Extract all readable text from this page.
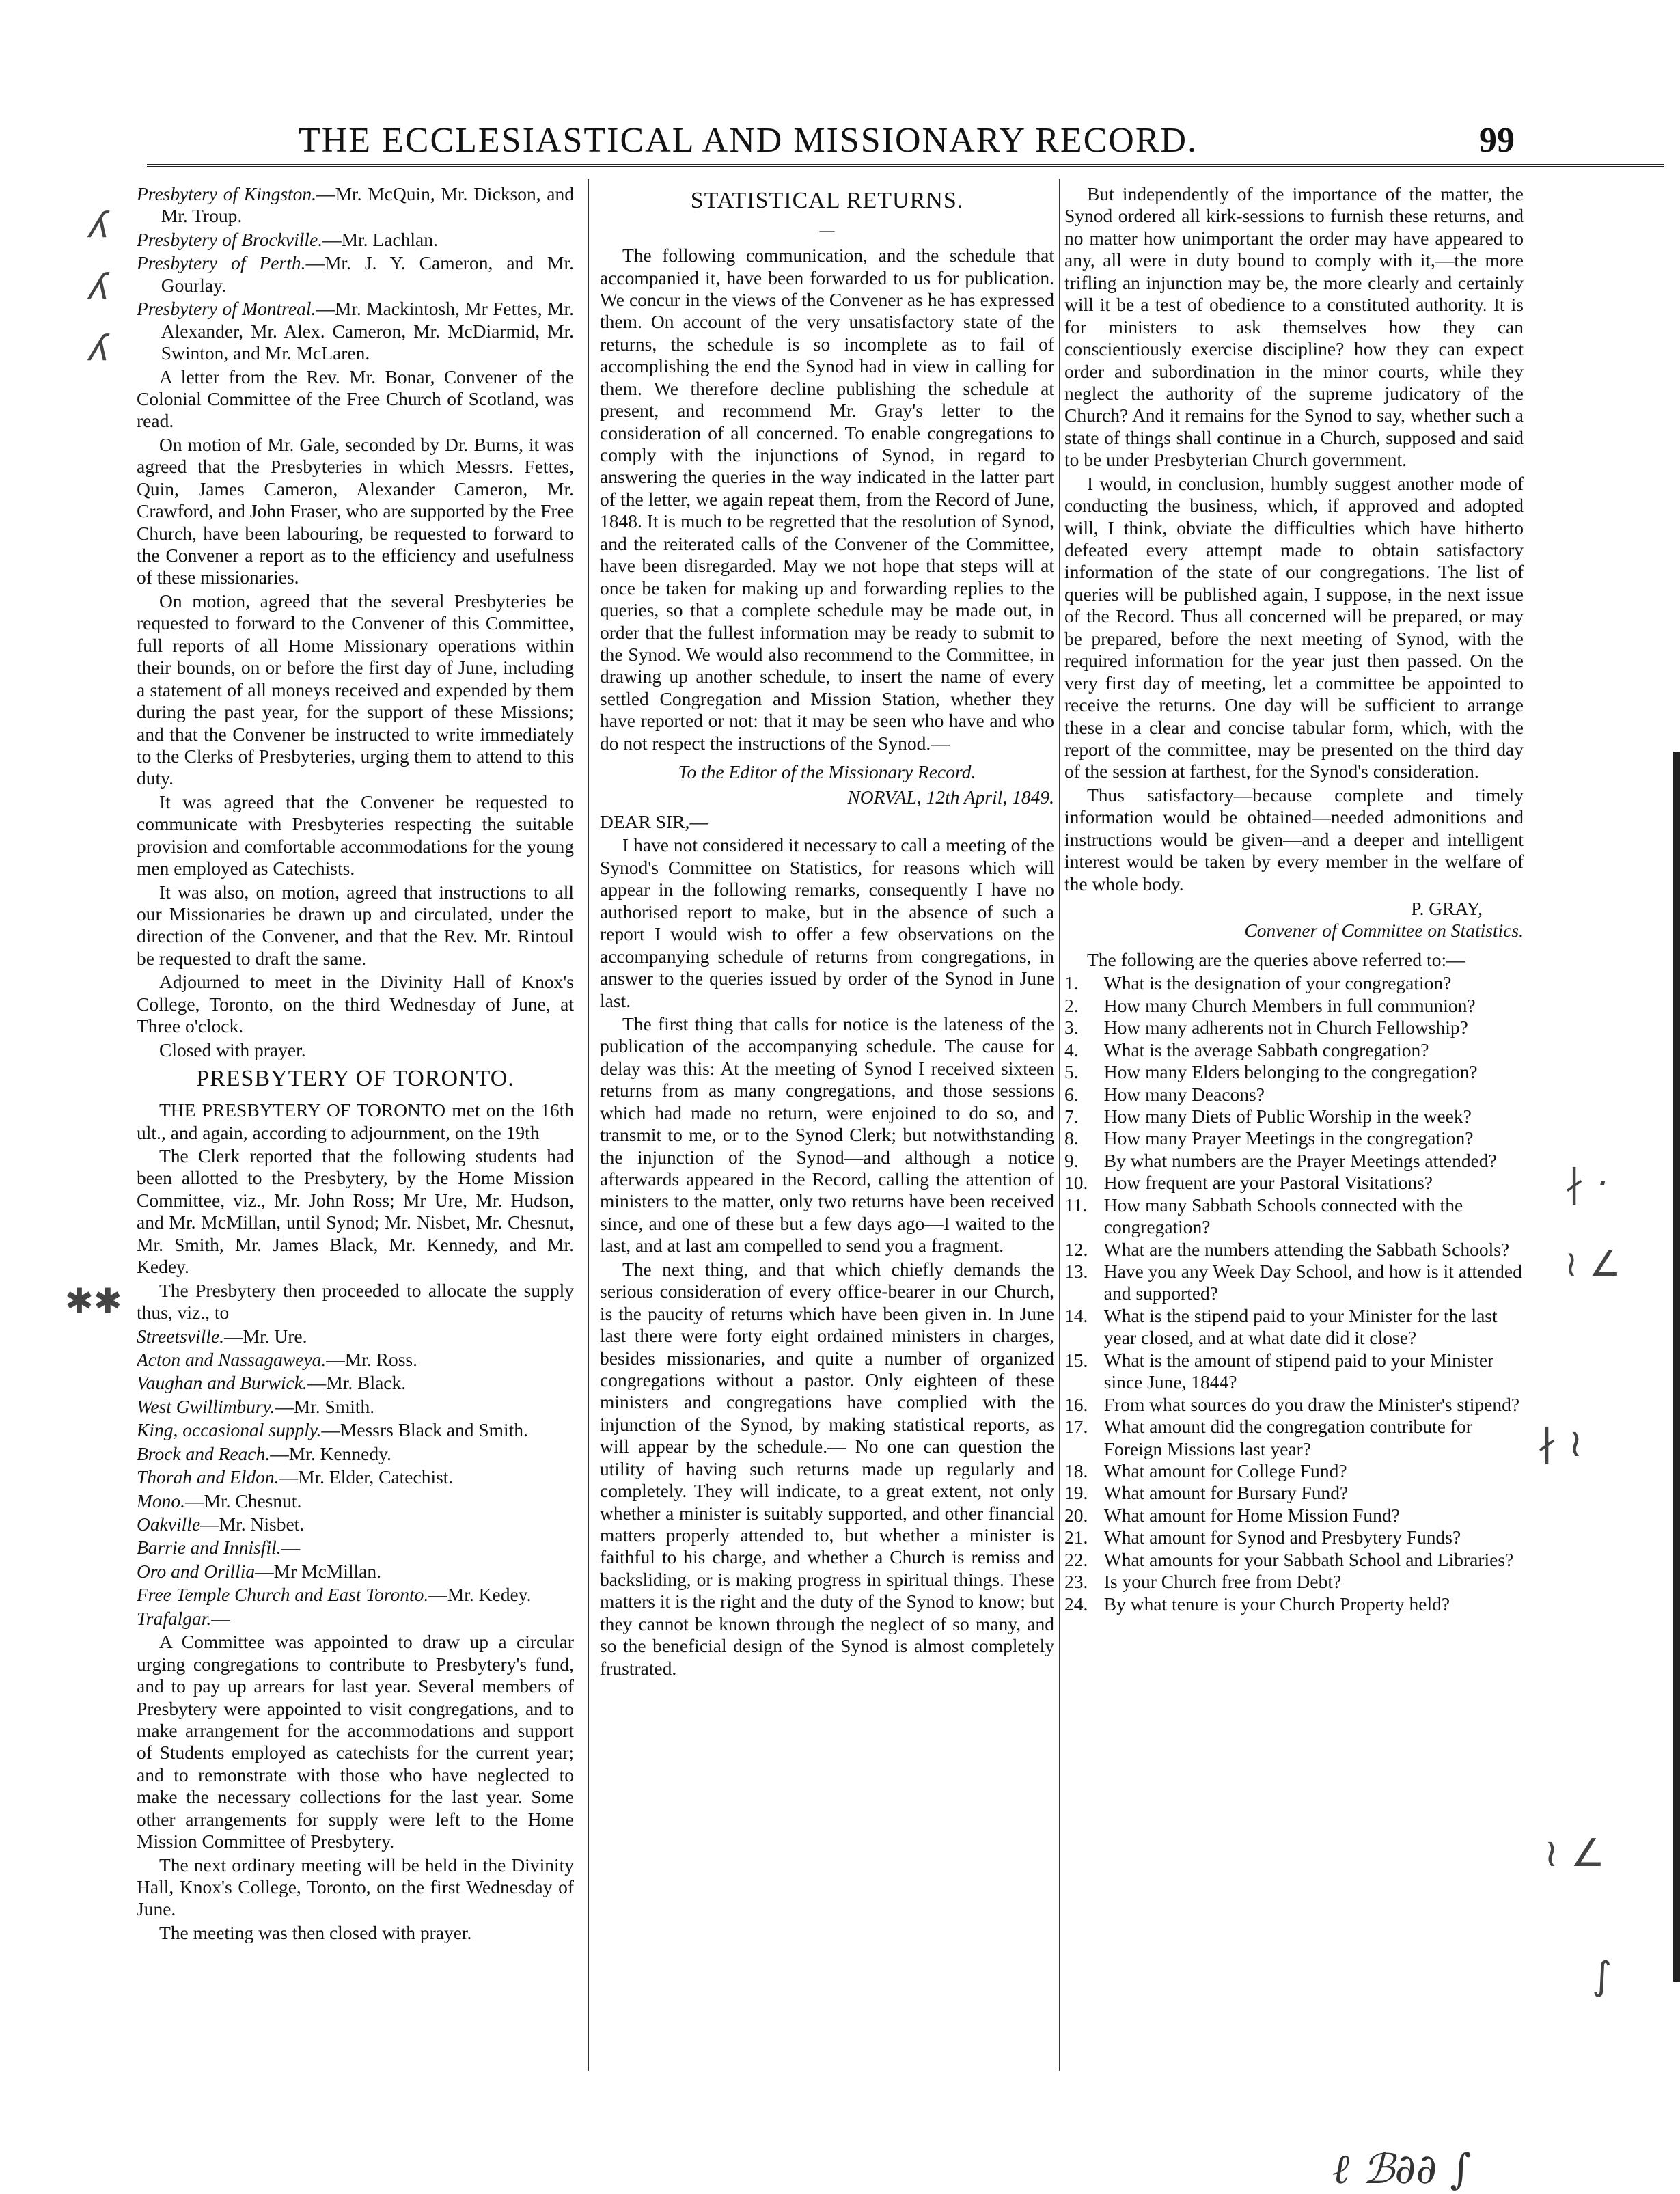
THE ECCLESIASTICAL AND MISSIONARY RECORD.	99

Presbytery of Kingston.—Mr. McQuin, Mr. Dickson, and Mr. Troup.

Presbytery of Brockville.—Mr. Lachlan.

Presbytery of Perth.—Mr. J. Y. Cameron, and Mr. Gourlay.

Presbytery of Montreal.—Mr. Mackintosh, Mr Fettes, Mr. Alexander, Mr. Alex. Cameron, Mr. McDiarmid, Mr. Swinton, and Mr. McLaren.

A letter from the Rev. Mr. Bonar, Convener of the Colonial Committee of the Free Church of Scotland, was read.

On motion of Mr. Gale, seconded by Dr. Burns, it was agreed that the Presbyteries in which Messrs. Fettes, Quin, James Cameron, Alexander Cameron, Mr. Crawford, and John Fraser, who are supported by the Free Church, have been labouring, be requested to forward to the Convener a report as to the efficiency and usefulness of these missionaries.

On motion, agreed that the several Presbyteries be requested to forward to the Convener of this Committee, full reports of all Home Missionary operations within their bounds, on or before the first day of June, including a statement of all moneys received and expended by them during the past year, for the support of these Missions; and that the Convener be instructed to write immediately to the Clerks of Presbyteries, urging them to attend to this duty.

It was agreed that the Convener be requested to communicate with Presbyteries respecting the suitable provision and comfortable accommodations for the young men employed as Catechists.

It was also, on motion, agreed that instructions to all our Missionaries be drawn up and circulated, under the direction of the Convener, and that the Rev. Mr. Rintoul be requested to draft the same.

Adjourned to meet in the Divinity Hall of Knox's College, Toronto, on the third Wednesday of June, at Three o'clock.

Closed with prayer.

PRESBYTERY OF TORONTO.

THE PRESBYTERY OF TORONTO met on the 16th ult., and again, according to adjournment, on the 19th

The Clerk reported that the following students had been allotted to the Presbytery, by the Home Mission Committee, viz., Mr. John Ross; Mr Ure, Mr. Hudson, and Mr. McMillan, until Synod; Mr. Nisbet, Mr. Chesnut, Mr. Smith, Mr. James Black, Mr. Kennedy, and Mr. Kedey.

The Presbytery then proceeded to allocate the supply thus, viz., to

Streetsville.—Mr. Ure.

Acton and Nassagaweya.—Mr. Ross.

Vaughan and Burwick.—Mr. Black.

West Gwillimbury.—Mr. Smith.

King, occasional supply.—Messrs Black and Smith.

Brock and Reach.—Mr. Kennedy.

Thorah and Eldon.—Mr. Elder, Catechist.

Mono.—Mr. Chesnut.

Oakville—Mr. Nisbet.

Barrie and Innisfil.—

Oro and Orillia—Mr McMillan.

Free Temple Church and East Toronto.—Mr. Kedey.

Trafalgar.—

A Committee was appointed to draw up a circular urging congregations to contribute to Presbytery's fund, and to pay up arrears for last year. Several members of Presbytery were appointed to visit congregations, and to make arrangement for the accommodations and support of Students employed as catechists for the current year; and to remonstrate with those who have neglected to make the necessary collections for the last year. Some other arrangements for supply were left to the Home Mission Committee of Presbytery.

The next ordinary meeting will be held in the Divinity Hall, Knox's College, Toronto, on the first Wednesday of June.

The meeting was then closed with prayer.

STATISTICAL RETURNS.
—

The following communication, and the schedule that accompanied it, have been forwarded to us for publication. We concur in the views of the Convener as he has expressed them. On account of the very unsatisfactory state of the returns, the schedule is so incomplete as to fail of accomplishing the end the Synod had in view in calling for them. We therefore decline publishing the schedule at present, and recommend Mr. Gray's letter to the consideration of all concerned. To enable congregations to comply with the injunctions of Synod, in regard to answering the queries in the way indicated in the latter part of the letter, we again repeat them, from the Record of June, 1848. It is much to be regretted that the resolution of Synod, and the reiterated calls of the Convener of the Committee, have been disregarded. May we not hope that steps will at once be taken for making up and forwarding replies to the queries, so that a complete schedule may be made out, in order that the fullest information may be ready to submit to the Synod. We would also recommend to the Committee, in drawing up another schedule, to insert the name of every settled Congregation and Mission Station, whether they have reported or not: that it may be seen who have and who do not respect the instructions of the Synod.—

To the Editor of the Missionary Record.
NORVAL, 12th April, 1849.

DEAR SIR,—

I have not considered it necessary to call a meeting of the Synod's Committee on Statistics, for reasons which will appear in the following remarks, consequently I have no authorised report to make, but in the absence of such a report I would wish to offer a few observations on the accompanying schedule of returns from congregations, in answer to the queries issued by order of the Synod in June last.

The first thing that calls for notice is the lateness of the publication of the accompanying schedule. The cause for delay was this: At the meeting of Synod I received sixteen returns from as many congregations, and those sessions which had made no return, were enjoined to do so, and transmit to me, or to the Synod Clerk; but notwithstanding the injunction of the Synod—and although a notice afterwards appeared in the Record, calling the attention of ministers to the matter, only two returns have been received since, and one of these but a few days ago—I waited to the last, and at last am compelled to send you a fragment.

The next thing, and that which chiefly demands the serious consideration of every office-bearer in our Church, is the paucity of returns which have been given in. In June last there were forty eight ordained ministers in charges, besides missionaries, and quite a number of organized congregations without a pastor. Only eighteen of these ministers and congregations have complied with the injunction of the Synod, by making statistical reports, as will appear by the schedule.— No one can question the utility of having such returns made up regularly and completely. They will indicate, to a great extent, not only whether a minister is suitably supported, and other financial matters properly attended to, but whether a minister is faithful to his charge, and whether a Church is remiss and backsliding, or is making progress in spiritual things. These matters it is the right and the duty of the Synod to know; but they cannot be known through the neglect of so many, and so the beneficial design of the Synod is almost completely frustrated.

But independently of the importance of the matter, the Synod ordered all kirk-sessions to furnish these returns, and no matter how unimportant the order may have appeared to any, all were in duty bound to comply with it,—the more trifling an injunction may be, the more clearly and certainly will it be a test of obedience to a constituted authority. It is for ministers to ask themselves how they can conscientiously exercise discipline? how they can expect order and subordination in the minor courts, while they neglect the authority of the supreme judicatory of the Church? And it remains for the Synod to say, whether such a state of things shall continue in a Church, supposed and said to be under Presbyterian Church government.

I would, in conclusion, humbly suggest another mode of conducting the business, which, if approved and adopted will, I think, obviate the difficulties which have hitherto defeated every attempt made to obtain satisfactory information of the state of our congregations. The list of queries will be published again, I suppose, in the next issue of the Record. Thus all concerned will be prepared, or may be prepared, before the next meeting of Synod, with the required information for the year just then passed. On the very first day of meeting, let a committee be appointed to receive the returns. One day will be sufficient to arrange these in a clear and concise tabular form, which, with the report of the committee, may be presented on the third day of the session at farthest, for the Synod's consideration.

Thus satisfactory—because complete and timely information would be obtained—needed admonitions and instructions would be given—and a deeper and intelligent interest would be taken by every member in the welfare of the whole body.

P. GRAY,
Convener of Committee on Statistics.

The following are the queries above referred to:—

1. What is the designation of your congregation?

2. How many Church Members in full communion?

3. How many adherents not in Church Fellowship?

4. What is the average Sabbath congregation?

5. How many Elders belonging to the congregation?

6. How many Deacons?

7. How many Diets of Public Worship in the week?

8. How many Prayer Meetings in the congregation?

9. By what numbers are the Prayer Meetings attended?

10. How frequent are your Pastoral Visitations?

11. How many Sabbath Schools connected with the congregation?

12. What are the numbers attending the Sabbath Schools?

13. Have you any Week Day School, and how is it attended and supported?

14. What is the stipend paid to your Minister for the last year closed, and at what date did it close?

15. What is the amount of stipend paid to your Minister since June, 1844?

16. From what sources do you draw the Minister's stipend?

17. What amount did the congregation contribute for Foreign Missions last year?

18. What amount for College Fund?

19. What amount for Bursary Fund?

20. What amount for Home Mission Fund?

21. What amount for Synod and Presbytery Funds?

22. What amounts for your Sabbath School and Libraries?

23. Is your Church free from Debt?

24. By what tenure is your Church Property held?

ʎ
ʎ
ʎ
✱✱
∤ ·
≀ ∠
∤ ≀
≀ ∠
∫
ℓ ℬ∂∂ ∫
